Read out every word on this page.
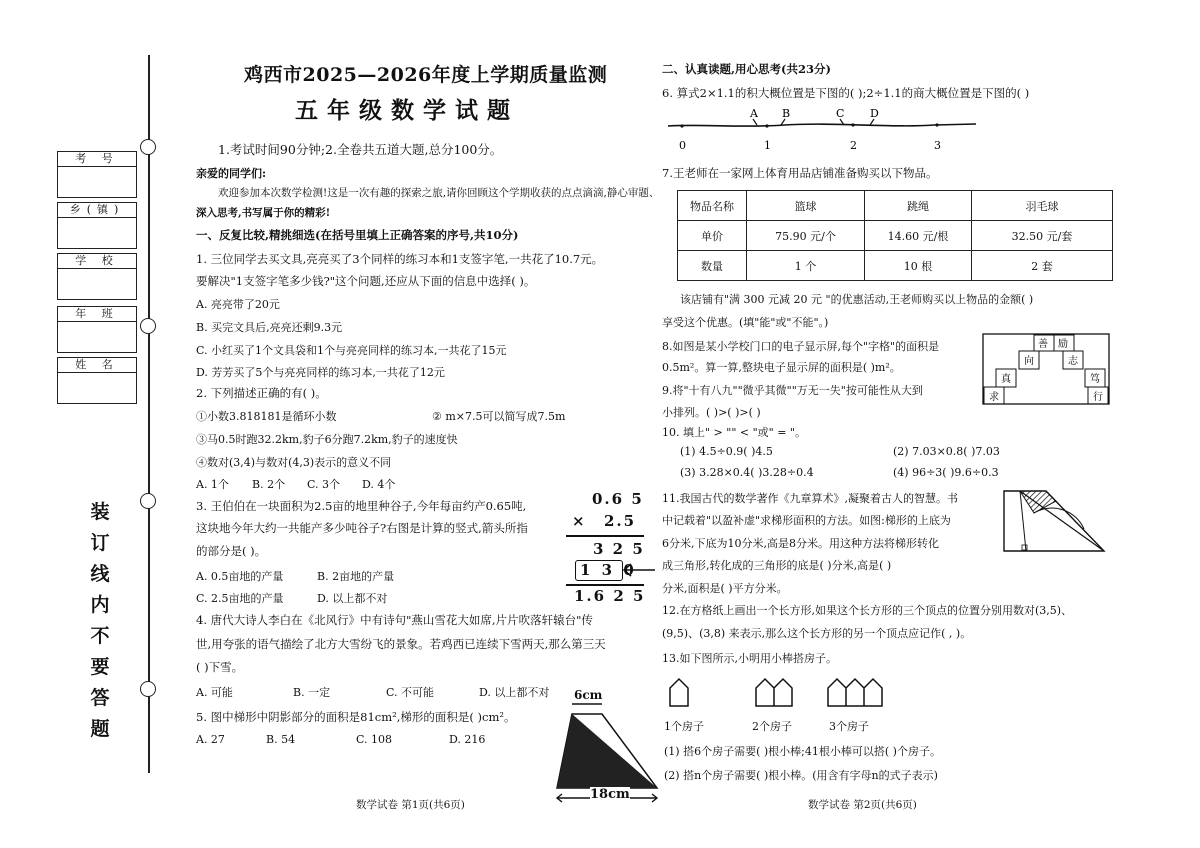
考 号
乡(镇)
学 校
年 班
姓 名
装
订
线
内
不
要
答
题
鸡西市2025—2026年度上学期质量监测
五年级数学试题
1.考试时间90分钟;2.全卷共五道大题,总分100分。
亲爱的同学们:
欢迎参加本次数学检测!这是一次有趣的探索之旅,请你回顾这个学期收获的点点滴滴,静心审题、
深入思考,书写属于你的精彩!
一、反复比较,精挑细选(在括号里填上正确答案的序号,共10分)
1. 三位同学去买文具,亮亮买了3个同样的练习本和1支签字笔,一共花了10.7元。
要解决"1支签字笔多少钱?"这个问题,还应从下面的信息中选择( )。
A. 亮亮带了20元
B. 买完文具后,亮亮还剩9.3元
C. 小红买了1个文具袋和1个与亮亮同样的练习本,一共花了15元
D. 芳芳买了5个与亮亮同样的练习本,一共花了12元
2. 下列描述正确的有( )。
①小数3.818181是循环小数	② m×7.5可以简写成7.5m
③马0.5时跑32.2km,豹子6分跑7.2km,豹子的速度快
④数对(3,4)与数对(4,3)表示的意义不同
A. 1个 B. 2个 C. 3个 D. 4个
3. 王伯伯在一块面积为2.5亩的地里种谷子,今年每亩约产0.65吨,
这块地今年大约一共能产多少吨谷子?右图是计算的竖式,箭头所指
的部分是( )。
A. 0.5亩地的产量	B. 2亩地的产量
C. 2.5亩地的产量	D. 以上都不对
0.6 5
× 2.5
3 2 5
1 3 0
1.6 2 5
4. 唐代大诗人李白在《北风行》中有诗句"燕山雪花大如席,片片吹落轩辕台"传
世,用夸张的语气描绘了北方大雪纷飞的景象。若鸡西已连续下雪两天,那么第三天
( )下雪。
A. 可能	B. 一定	C. 不可能	D. 以上都不对
5. 图中梯形中阴影部分的面积是81cm²,梯形的面积是( )cm²。
A. 27	B. 54	C. 108	D. 216
6cm
18cm
数学试卷 第1页(共6页)
二、认真读题,用心思考(共23分)
6. 算式2×1.1的积大概位置是下图的( );2÷1.1的商大概位置是下图的( )
A B	C D
0	1	2	3
7.王老师在一家网上体育用品店铺准备购买以下物品。
物品名称	篮球	跳绳	羽毛球
单价	75.90 元/个	14.60 元/根	32.50 元/套
数量	1 个	10 根	2 套
该店铺有"满 300 元减 20 元 "的优惠活动,王老师购买以上物品的金额( )
享受这个优惠。(填"能"或"不能"。)
8.如图是某小学校门口的电子显示屏,每个"字格"的面积是
0.5m²。算一算,整块电子显示屏的面积是( )m²。
善 励
向	志
真	笃
求	行
9.将"十有八九""微乎其微""万无一失"按可能性从大到
小排列。( )>( )>( )
10. 填上" > "" < "或" = "。
(1) 4.5÷0.9( )4.5	(2) 7.03×0.8( )7.03
(3) 3.28×0.4( )3.28÷0.4	(4) 96÷3( )9.6÷0.3
11.我国古代的数学著作《九章算术》,凝聚着古人的智慧。书
中记载着"以盈补虚"求梯形面积的方法。如图:梯形的上底为
6分米,下底为10分米,高是8分米。用这种方法将梯形转化
成三角形,转化成的三角形的底是( )分米,高是( )
分米,面积是( )平方分米。
12.在方格纸上画出一个长方形,如果这个长方形的三个顶点的位置分别用数对(3,5)、
(9,5)、(3,8) 来表示,那么这个长方形的另一个顶点应记作( , )。
13.如下图所示,小明用小棒搭房子。
1个房子	2个房子	3个房子
(1) 搭6个房子需要( )根小棒;41根小棒可以搭( )个房子。
(2) 搭n个房子需要( )根小棒。(用含有字母n的式子表示)
数学试卷 第2页(共6页)
